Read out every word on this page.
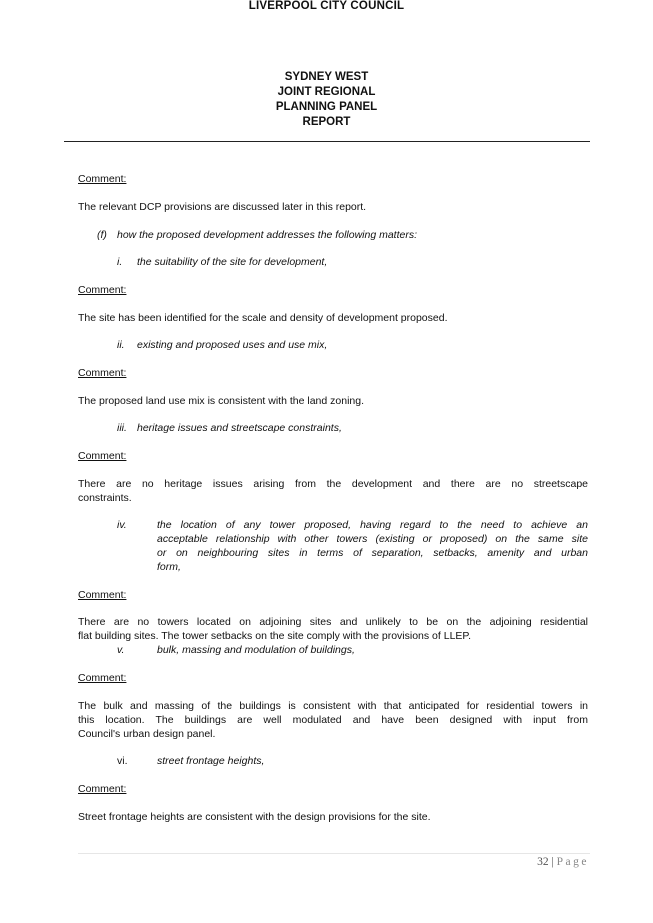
LIVERPOOL CITY COUNCIL
SYDNEY WEST
JOINT REGIONAL
PLANNING PANEL
REPORT
Comment:
The relevant DCP provisions are discussed later in this report.
(f) how the proposed development addresses the following matters:
i. the suitability of the site for development,
Comment:
The site has been identified for the scale and density of development proposed.
ii. existing and proposed uses and use mix,
Comment:
The proposed land use mix is consistent with the land zoning.
iii. heritage issues and streetscape constraints,
Comment:
There are no heritage issues arising from the development and there are no streetscape
constraints.
iv.	the location of any tower proposed, having regard to the need to achieve an
acceptable relationship with other towers (existing or proposed) on the same site
or on neighbouring sites in terms of separation, setbacks, amenity and urban
form,
Comment:
There are no towers located on adjoining sites and unlikely to be on the adjoining residential
flat building sites. The tower setbacks on the site comply with the provisions of LLEP.
v.	bulk, massing and modulation of buildings,
Comment:
The bulk and massing of the buildings is consistent with that anticipated for residential towers in
this location. The buildings are well modulated and have been designed with input from
Council's urban design panel.
vi.	street frontage heights,
Comment:
Street frontage heights are consistent with the design provisions for the site.
32 | Page
